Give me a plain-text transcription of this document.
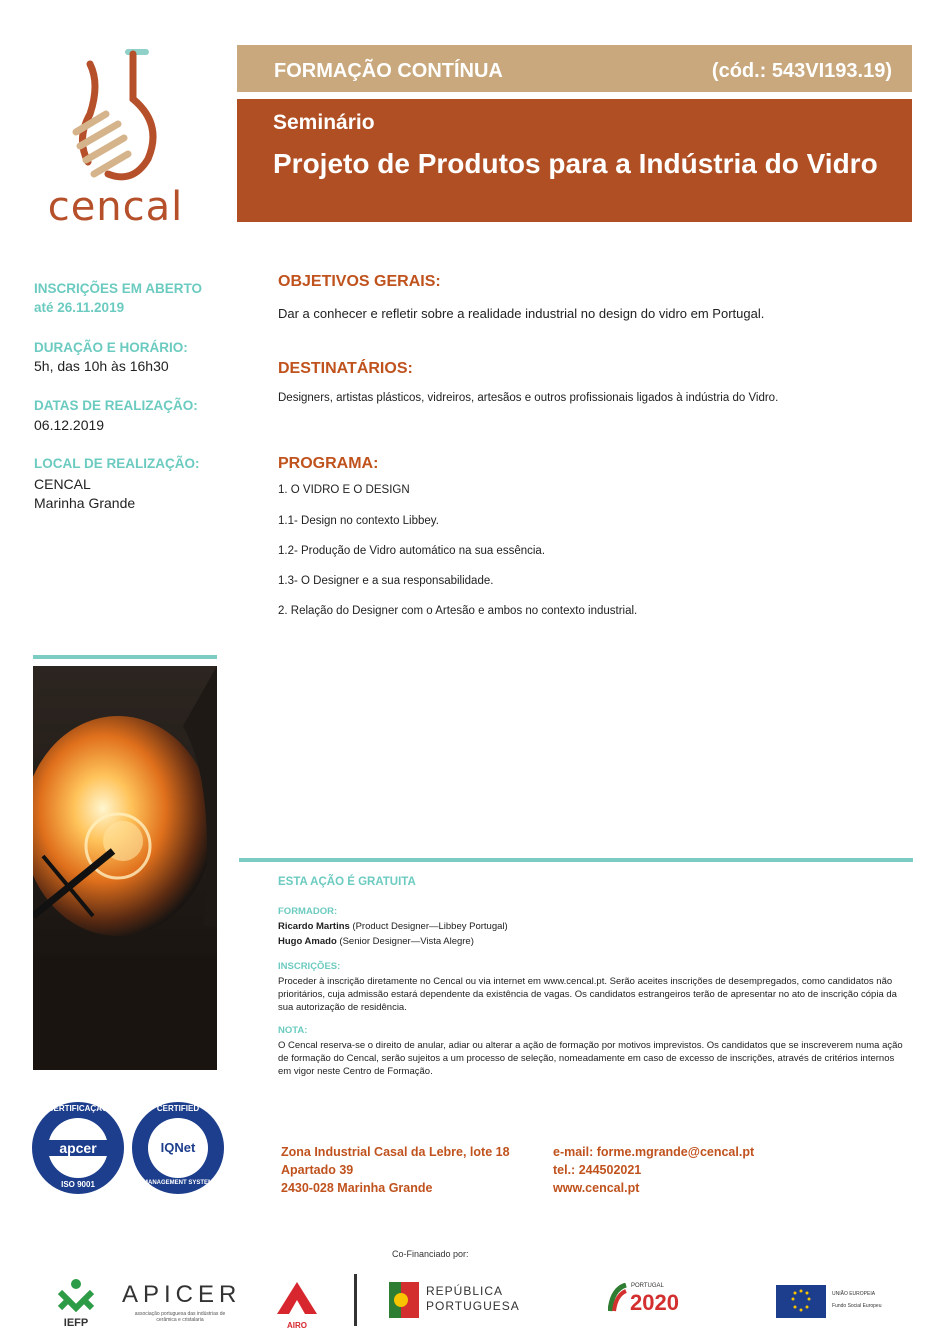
cencal
FORMAÇÃO CONTÍNUA	(cód.: 543VI193.19)
Seminário
Projeto de Produtos para a Indústria do Vidro
INSCRIÇÕES EM ABERTO
até 26.11.2019
DURAÇÃO E HORÁRIO:
5h, das 10h às 16h30
DATAS DE REALIZAÇÃO:
06.12.2019
LOCAL DE REALIZAÇÃO:
CENCAL
Marinha Grande
OBJETIVOS GERAIS:
Dar a conhecer e refletir sobre a realidade industrial no design do vidro em Portugal.
DESTINATÁRIOS:
Designers, artistas plásticos, vidreiros, artesãos e outros profissionais ligados à indústria do Vidro.
PROGRAMA:
1. O VIDRO E O DESIGN
1.1- Design no contexto Libbey.
1.2- Produção de Vidro automático na sua essência.
1.3- O Designer e a sua responsabilidade.
2. Relação do Designer com o Artesão e ambos no contexto industrial.
ESTA AÇÃO É GRATUITA
FORMADOR:
Ricardo Martins (Product Designer—Libbey Portugal)
Hugo Amado (Senior Designer—Vista Alegre)
INSCRIÇÕES:
Proceder à inscrição diretamente no Cencal ou via internet em www.cencal.pt. Serão aceites inscrições de desempregados, como candidatos não prioritários, cuja admissão estará dependente da existência de vagas. Os candidatos estrangeiros terão de apresentar no ato de inscrição cópia da sua autorização de residência.
NOTA:
O Cencal reserva-se o direito de anular, adiar ou alterar a ação de formação por motivos imprevistos. Os candidatos que se inscreverem numa ação de formação do Cencal, serão sujeitos a um processo de seleção, nomeadamente em caso de excesso de inscrições, através de critérios internos em vigor neste Centro de Formação.
CERTIFICAÇÃO
apcer
ISO 9001
CERTIFIED
IQNet
MANAGEMENT SYSTEM
Zona Industrial Casal da Lebre, lote 18
Apartado 39
2430-028 Marinha Grande
e-mail: forme.mgrande@cencal.pt
tel.: 244502021
www.cencal.pt
Co-Financiado por:
IEFP
APICER
associação portuguesa das indústrias de cerâmica e cristalaria
AIRO
REPÚBLICA
PORTUGUESA
PORTUGAL
2020	UNIÃO EUROPEIA
Fundo Social Europeu
